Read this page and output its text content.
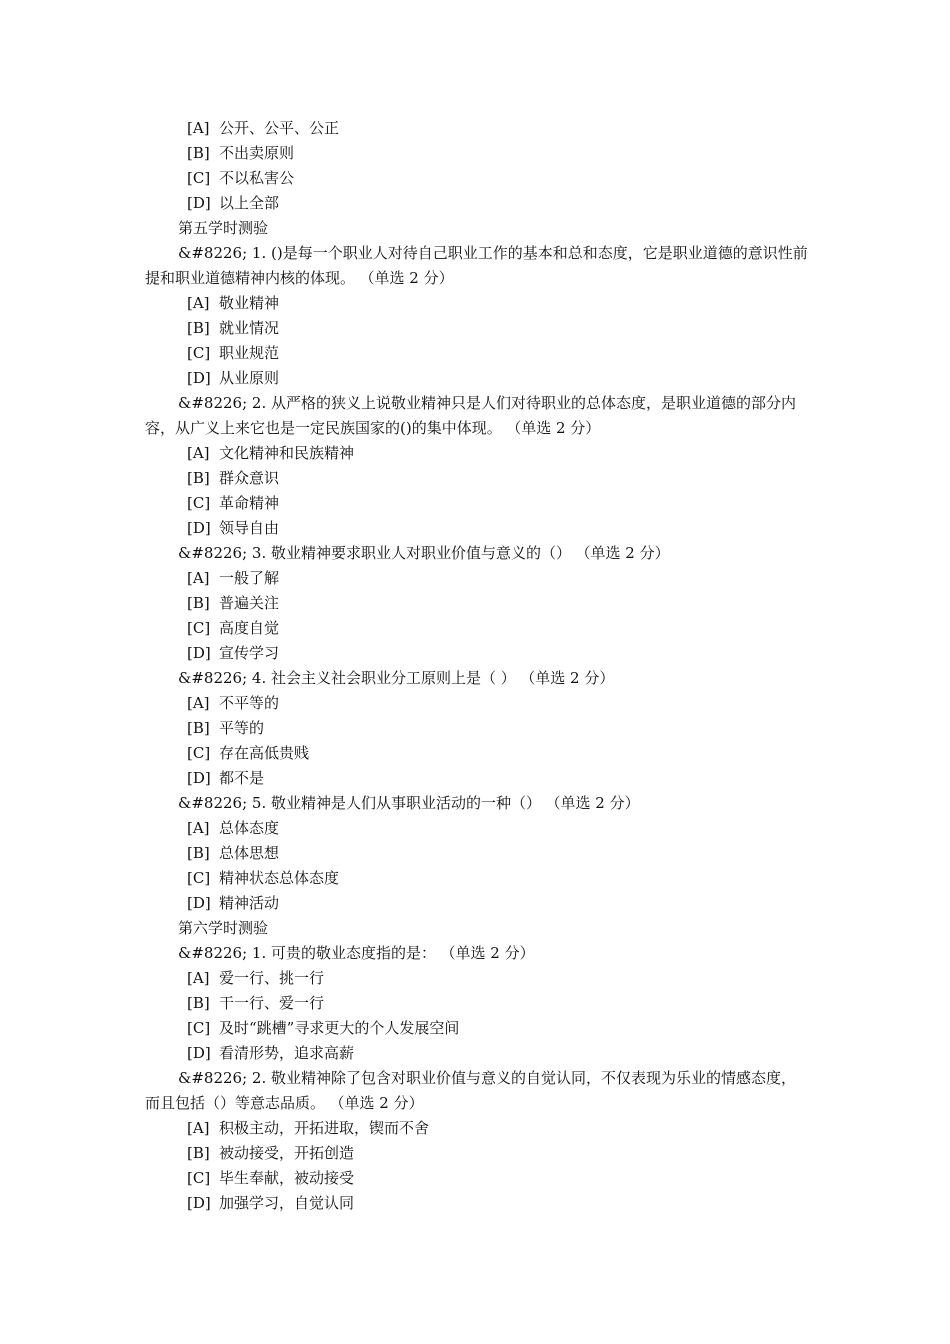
[A] 公开、公平、公正
[B] 不出卖原则
[C] 不以私害公
[D] 以上全部
第五学时测验
&#8226; 1. ()是每一个职业人对待自己职业工作的基本和总和态度，它是职业道德的意识性前提和职业道德精神内核的体现。 （单选 2 分）
[A] 敬业精神
[B] 就业情况
[C] 职业规范
[D] 从业原则
&#8226; 2. 从严格的狭义上说敬业精神只是人们对待职业的总体态度，是职业道德的部分内容，从广义上来它也是一定民族国家的()的集中体现。 （单选 2 分）
[A] 文化精神和民族精神
[B] 群众意识
[C] 革命精神
[D] 领导自由
&#8226; 3. 敬业精神要求职业人对职业价值与意义的（） （单选 2 分）
[A] 一般了解
[B] 普遍关注
[C] 高度自觉
[D] 宣传学习
&#8226; 4. 社会主义社会职业分工原则上是（ ） （单选 2 分）
[A] 不平等的
[B] 平等的
[C] 存在高低贵贱
[D] 都不是
&#8226; 5. 敬业精神是人们从事职业活动的一种（） （单选 2 分）
[A] 总体态度
[B] 总体思想
[C] 精神状态总体态度
[D] 精神活动
第六学时测验
&#8226; 1. 可贵的敬业态度指的是： （单选 2 分）
[A] 爱一行、挑一行
[B] 干一行、爱一行
[C] 及时“跳槽”寻求更大的个人发展空间
[D] 看清形势，追求高薪
&#8226; 2. 敬业精神除了包含对职业价值与意义的自觉认同，不仅表现为乐业的情感态度，而且包括（）等意志品质。 （单选 2 分）
[A] 积极主动，开拓进取，锲而不舍
[B] 被动接受，开拓创造
[C] 毕生奉献，被动接受
[D] 加强学习，自觉认同
